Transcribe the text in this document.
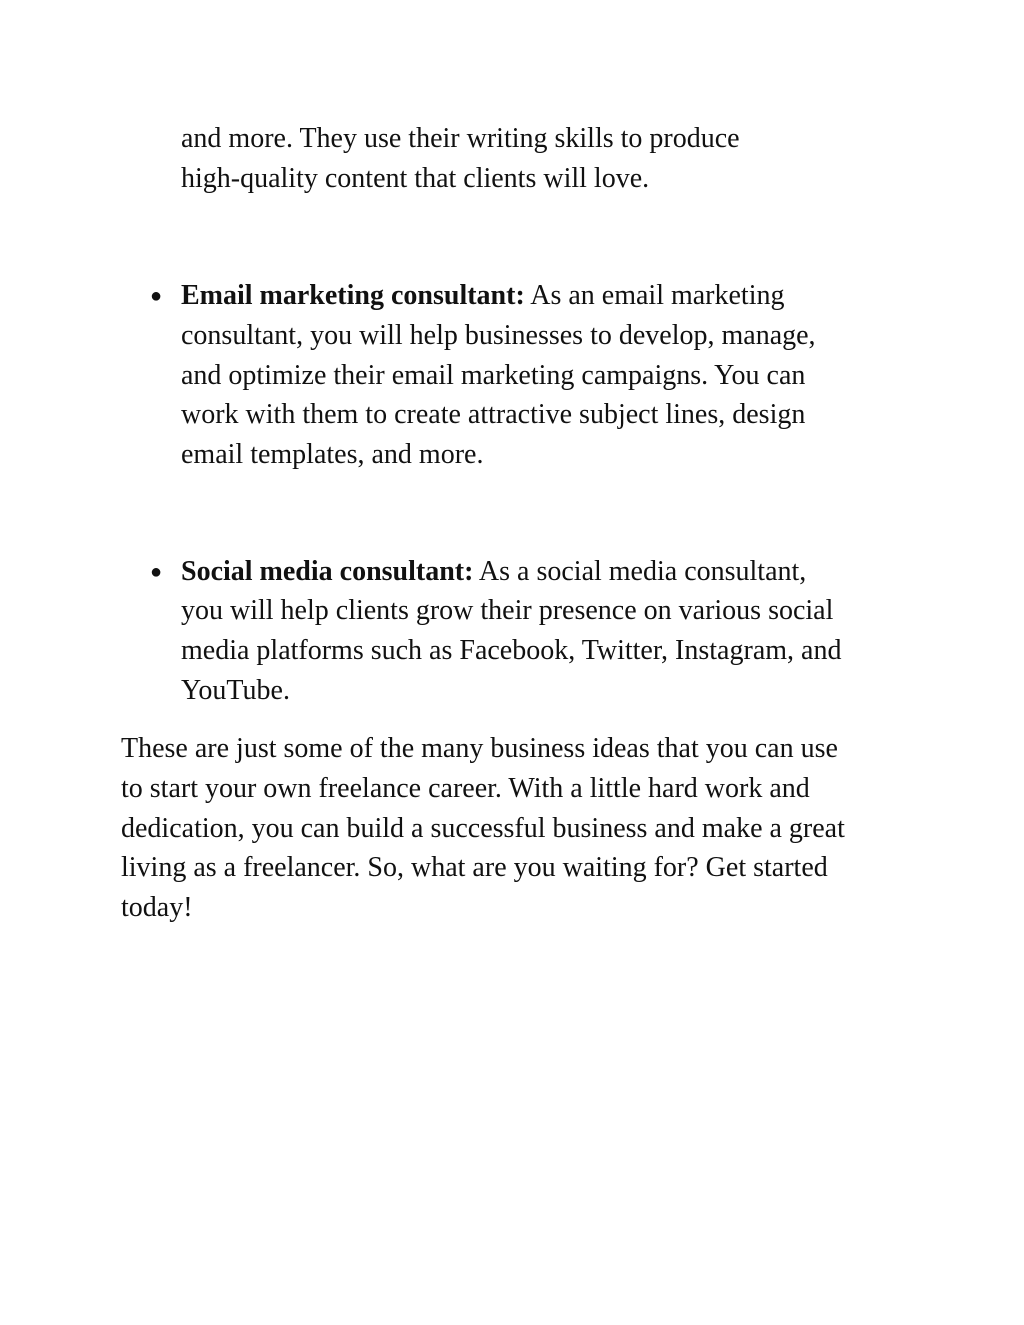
and more. They use their writing skills to produce

high-quality content that clients will love.

● Email marketing consultant: As an email marketing

consultant, you will help businesses to develop, manage,

and optimize their email marketing campaigns. You can

work with them to create attractive subject lines, design

email templates, and more.

● Social media consultant: As a social media consultant,

you will help clients grow their presence on various social

media platforms such as Facebook, Twitter, Instagram, and

YouTube.

These are just some of the many business ideas that you can use

to start your own freelance career. With a little hard work and

dedication, you can build a successful business and make a great

living as a freelancer. So, what are you waiting for? Get started

today!
